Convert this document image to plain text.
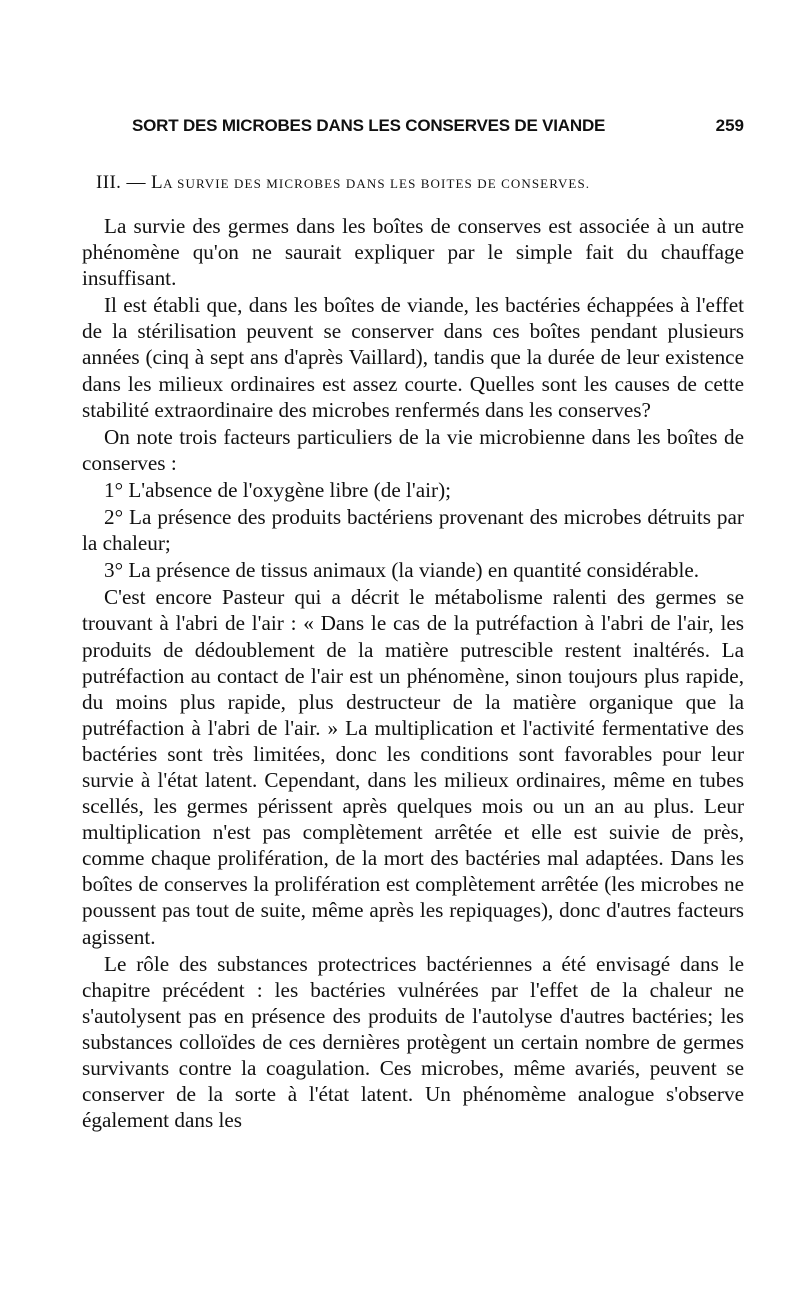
SORT DES MICROBES DANS LES CONSERVES DE VIANDE	259
III. — LA SURVIE DES MICROBES DANS LES BOITES DE CONSERVES.

La survie des germes dans les boîtes de conserves est associée à un autre phénomène qu'on ne saurait expliquer par le simple fait du chauffage insuffisant.

Il est établi que, dans les boîtes de viande, les bactéries échappées à l'effet de la stérilisation peuvent se conserver dans ces boîtes pendant plusieurs années (cinq à sept ans d'après Vaillard), tandis que la durée de leur existence dans les milieux ordinaires est assez courte. Quelles sont les causes de cette stabilité extraordinaire des microbes renfermés dans les conserves?

On note trois facteurs particuliers de la vie microbienne dans les boîtes de conserves :

1° L'absence de l'oxygène libre (de l'air);

2° La présence des produits bactériens provenant des microbes détruits par la chaleur;

3° La présence de tissus animaux (la viande) en quantité considérable.

C'est encore Pasteur qui a décrit le métabolisme ralenti des germes se trouvant à l'abri de l'air : « Dans le cas de la putréfaction à l'abri de l'air, les produits de dédoublement de la matière putrescible restent inaltérés. La putréfaction au contact de l'air est un phénomène, sinon toujours plus rapide, du moins plus rapide, plus destructeur de la matière organique que la putréfaction à l'abri de l'air. » La multiplication et l'activité fermentative des bactéries sont très limitées, donc les conditions sont favorables pour leur survie à l'état latent. Cependant, dans les milieux ordinaires, même en tubes scellés, les germes périssent après quelques mois ou un an au plus. Leur multiplication n'est pas complètement arrêtée et elle est suivie de près, comme chaque prolifération, de la mort des bactéries mal adaptées. Dans les boîtes de conserves la prolifération est complètement arrêtée (les microbes ne poussent pas tout de suite, même après les repiquages), donc d'autres facteurs agissent.

Le rôle des substances protectrices bactériennes a été envisagé dans le chapitre précédent : les bactéries vulnérées par l'effet de la chaleur ne s'autolysent pas en présence des produits de l'autolyse d'autres bactéries; les substances colloïdes de ces dernières protègent un certain nombre de germes survivants contre la coagulation. Ces microbes, même avariés, peuvent se conserver de la sorte à l'état latent. Un phénomème analogue s'observe également dans les
